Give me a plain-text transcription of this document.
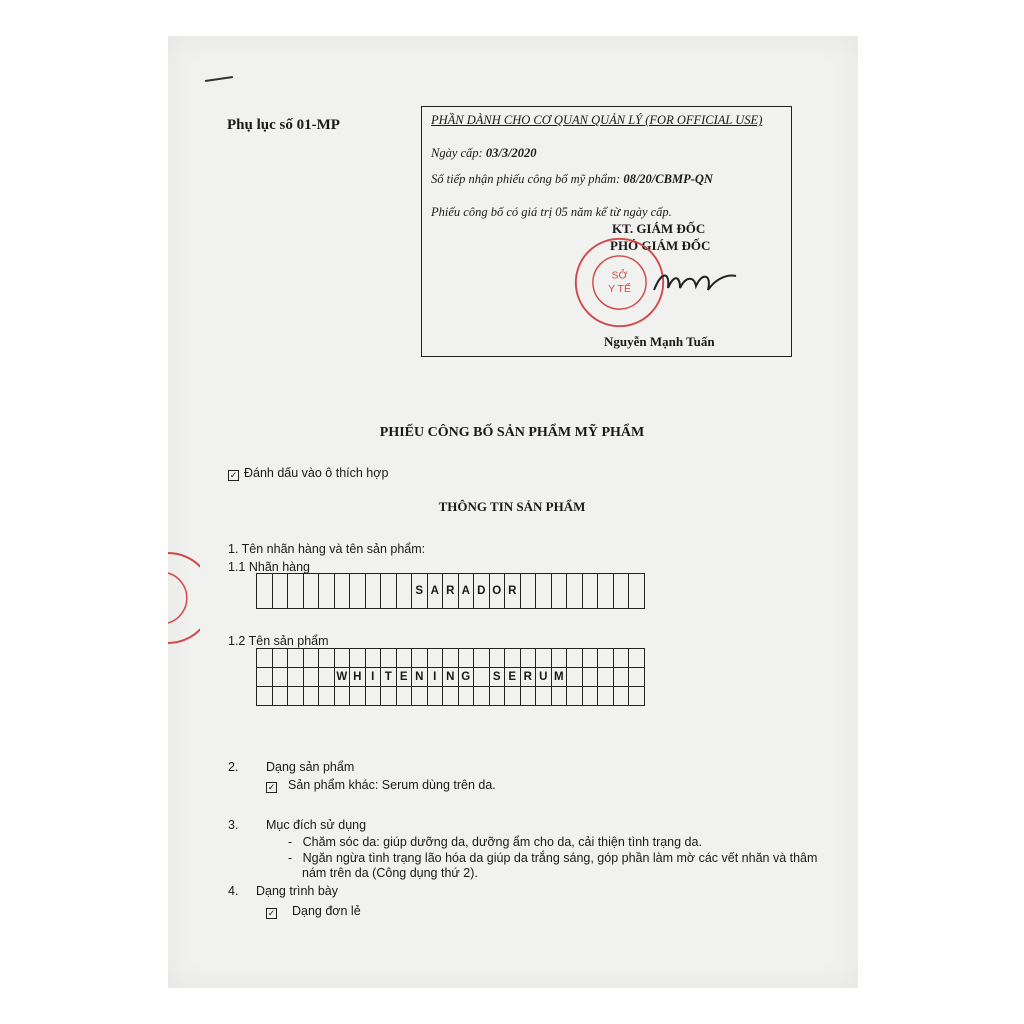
Phụ lục số 01-MP	PHẦN DÀNH CHO CƠ QUAN QUẢN LÝ (FOR OFFICIAL USE)
Ngày cấp: 03/3/2020
Số tiếp nhận phiếu công bố mỹ phẩm: 08/20/CBMP-QN
Phiếu công bố có giá trị 05 năm kể từ ngày cấp.
KT. GIÁM ĐỐC
PHÓ GIÁM ĐỐC
SỞ
Y TẾ
Nguyễn Mạnh Tuấn
PHIẾU CÔNG BỐ SẢN PHẨM MỸ PHẨM
✓ Đánh dấu vào ô thích hợp
THÔNG TIN SẢN PHẨM
1. Tên nhãn hàng và tên sản phẩm:
1.1 Nhãn hàng
S A R A D O R
1.2 Tên sản phẩm
W H I T E N I N G	S E R U M
2. Dạng sản phẩm
✓ Sản phẩm khác: Serum dùng trên da.
3. Mục đích sử dụng
-   Chăm sóc da: giúp dưỡng da, dưỡng ẩm cho da, cải thiện tình trạng da.
-   Ngăn ngừa tình trạng lão hóa da giúp da trắng sáng, góp phần làm mờ các vết nhăn và thâm
nám trên da (Công dụng thứ 2).
4. Dạng trình bày
✓ Dạng đơn lẻ
